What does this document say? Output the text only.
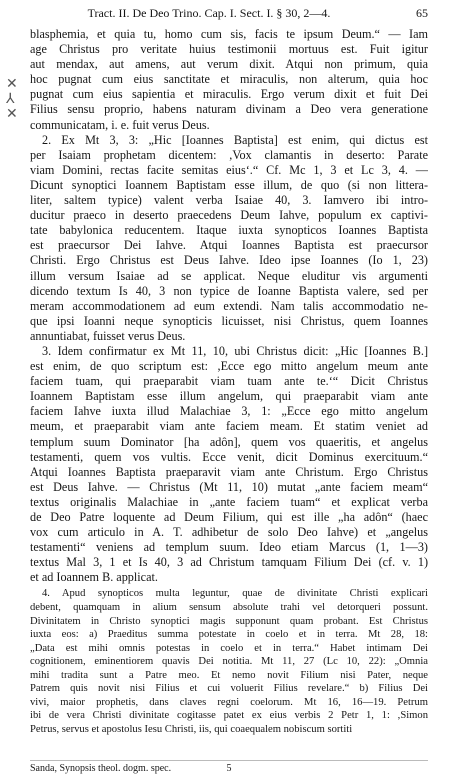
Tract. II. De Deo Trino. Cap. I. Sect. I. § 30, 2—4.	65
✕
⅄
✕
blasphemia, et quia tu, homo cum sis, facis te ipsum Deum.“ — Iam
age Christus pro veritate huius testimonii mortuus est. Fuit igitur
aut mendax, aut amens, aut verum dixit. Atqui non primum, quia
hoc pugnat cum eius sanctitate et miraculis, non alterum, quia hoc
pugnat cum eius sapientia et miraculis. Ergo verum dixit et fuit Dei
Filius sensu proprio, habens naturam divinam a Deo vera generatione
communicatam, i. e. fuit verus Deus.
2. Ex Mt 3, 3: „Hic [Ioannes Baptista] est enim, qui dictus est
per Isaiam prophetam dicentem: ,Vox clamantis in deserto: Parate
viam Domini, rectas facite semitas eius‘.“ Cf. Mc 1, 3 et Lc 3, 4. —
Dicunt synoptici Ioannem Baptistam esse illum, de quo (si non littera-
liter, saltem typice) valent verba Isaiae 40, 3. Iamvero ibi intro-
ducitur praeco in deserto praecedens Deum Iahve, populum ex captivi-
tate babylonica reducentem. Itaque iuxta synopticos Ioannes Baptista
est praecursor Dei Iahve. Atqui Ioannes Baptista est praecursor
Christi. Ergo Christus est Deus Iahve. Ideo ipse Ioannes (Io 1, 23)
illum versum Isaiae ad se applicat. Neque eluditur vis argumenti
dicendo textum Is 40, 3 non typice de Ioanne Baptista valere, sed per
meram accommodationem ad eum extendi. Nam talis accommodatio ne-
que ipsi Ioanni neque synopticis licuisset, nisi Christus, quem Ioannes
annuntiabat, fuisset verus Deus.
3. Idem confirmatur ex Mt 11, 10, ubi Christus dicit: „Hic [Ioannes B.]
est enim, de quo scriptum est: ,Ecce ego mitto angelum meum ante
faciem tuam, qui praeparabit viam tuam ante te.‘“ Dicit Christus
Ioannem Baptistam esse illum angelum, qui praeparabit viam ante
faciem Iahve iuxta illud Malachiae 3, 1: „Ecce ego mitto angelum
meum, et praeparabit viam ante faciem meam. Et statim veniet ad
templum suum Dominator [ha adôn], quem vos quaeritis, et angelus
testamenti, quem vos vultis. Ecce venit, dicit Dominus exercituum.“
Atqui Ioannes Baptista praeparavit viam ante Christum. Ergo Christus
est Deus Iahve. — Christus (Mt 11, 10) mutat „ante faciem meam“
textus originalis Malachiae in „ante faciem tuam“ et explicat verba
de Deo Patre loquente ad Deum Filium, qui est ille „ha adôn“ (haec
vox cum articulo in A. T. adhibetur de solo Deo Iahve) et „angelus
testamenti“ veniens ad templum suum. Ideo etiam Marcus (1, 1—3)
textus Mal 3, 1 et Is 40, 3 ad Christum tamquam Filium Dei (cf. v. 1)
et ad Ioannem B. applicat.
4. Apud synopticos multa leguntur, quae de divinitate Christi explicari
debent, quamquam in alium sensum absolute trahi vel detorqueri possunt.
Divinitatem in Christo synoptici magis supponunt quam probant. Est Christus
iuxta eos: a) Praeditus summa potestate in coelo et in terra. Mt 28, 18:
„Data est mihi omnis potestas in coelo et in terra.“ Habet intimam Dei
cognitionem, eminentiorem quavis Dei notitia. Mt 11, 27 (Lc 10, 22): „Omnia
mihi tradita sunt a Patre meo. Et nemo novit Filium nisi Pater, neque
Patrem quis novit nisi Filius et cui voluerit Filius revelare.“ b) Filius Dei
vivi, maior prophetis, dans claves regni coelorum. Mt 16, 16—19. Petrum
ibi de vera Christi divinitate cogitasse patet ex eius verbis 2 Petr 1, 1: ,Simon
Petrus, servus et apostolus Iesu Christi, iis, qui coaequalem nobiscum sortiti
Sanda, Synopsis theol. dogm. spec.	5
